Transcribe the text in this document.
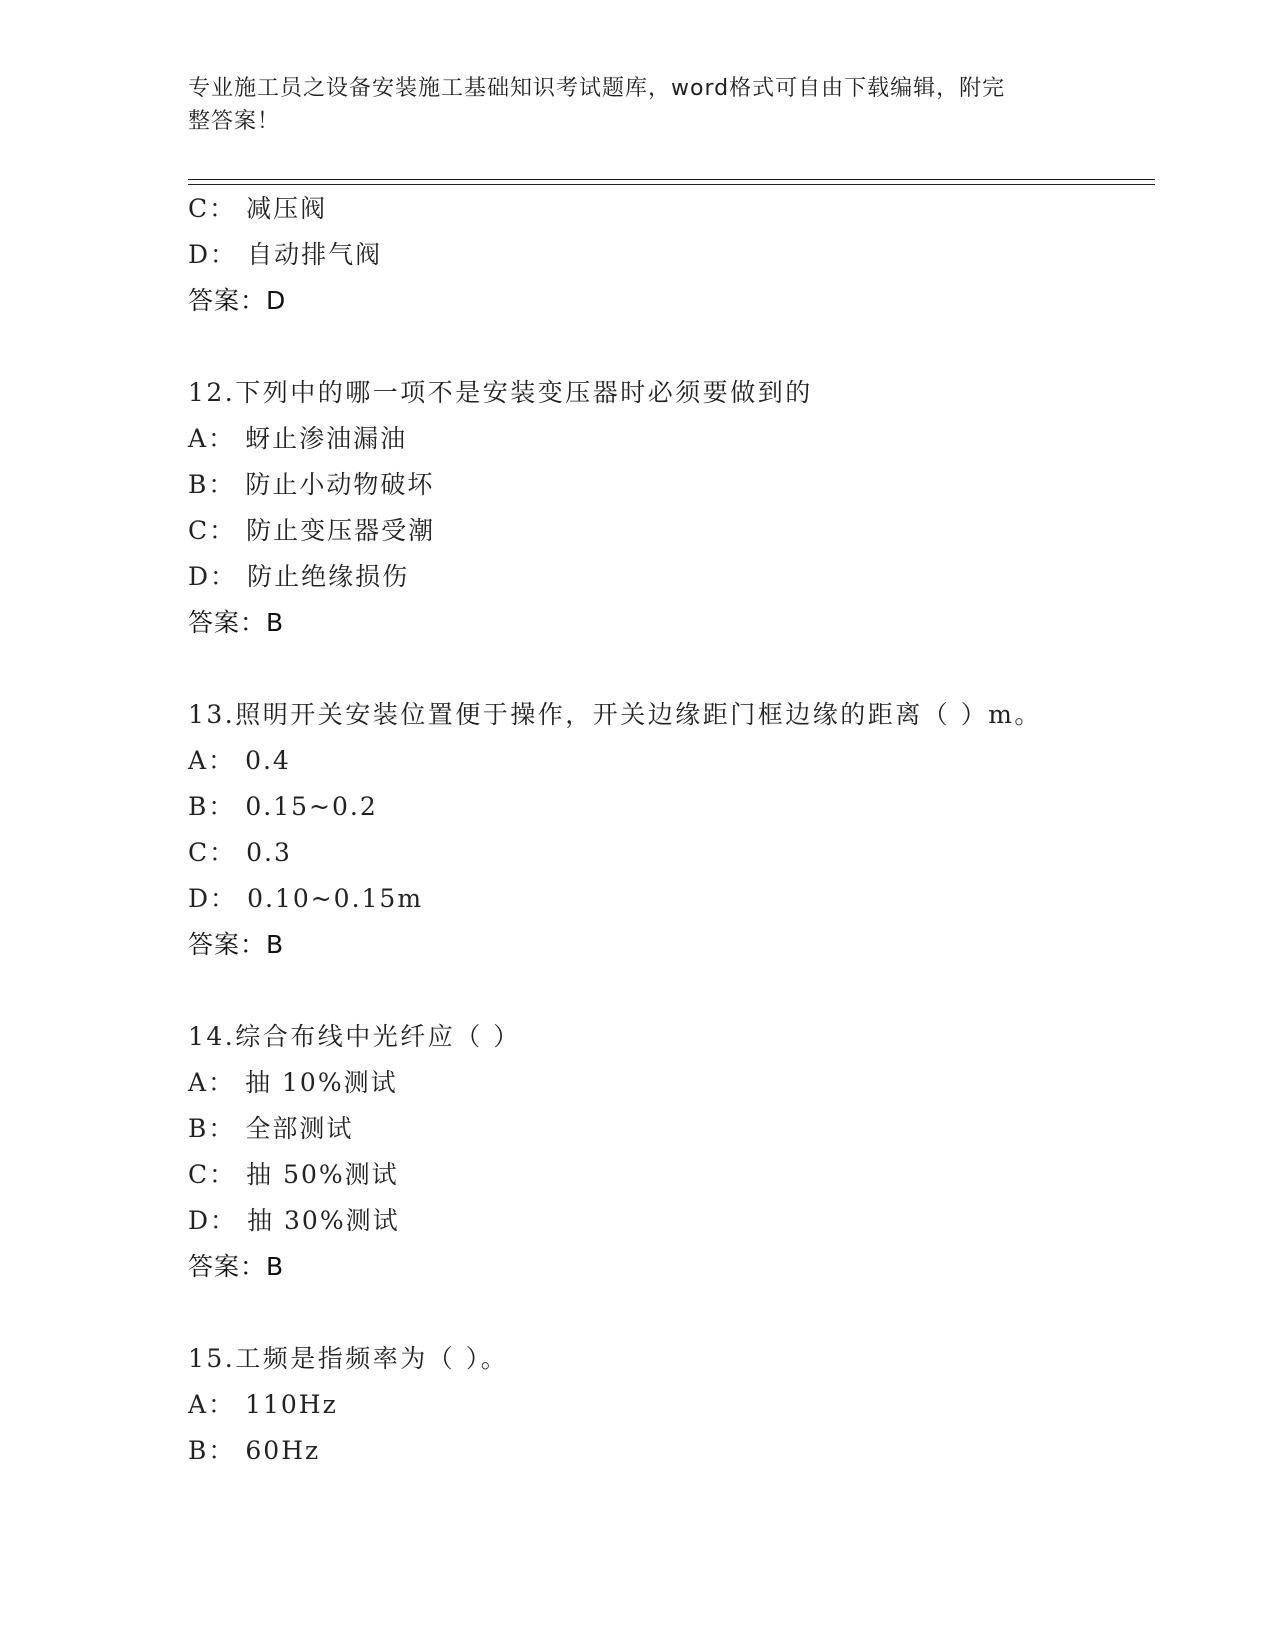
专业施工员之设备安装施工基础知识考试题库，word格式可自由下载编辑，附完
整答案！
C： 减压阀
D： 自动排气阀
答案：D
12.下列中的哪一项不是安装变压器时必须要做到的
A： 蚜止渗油漏油
B： 防止小动物破坏
C： 防止变压器受潮
D： 防止绝缘损伤
答案：B
13.照明开关安装位置便于操作，开关边缘距门框边缘的距离（ ）m。
A： 0.4
B： 0.15~0.2
C： 0.3
D： 0.10~0.15m
答案：B
14.综合布线中光纤应（ ）
A： 抽 10%测试
B： 全部测试
C： 抽 50%测试
D： 抽 30%测试
答案：B
15.工频是指频率为（ ）。
A： 110Hz
B： 60Hz
